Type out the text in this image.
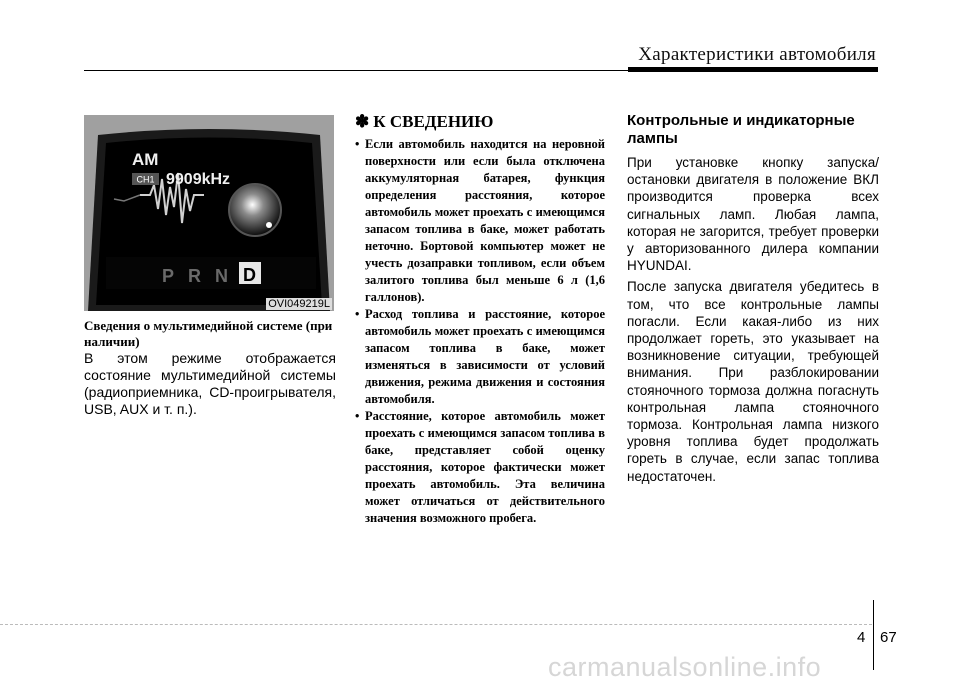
Характеристики автомобиля
CH1
AM
9909kHz
P R N D
OVI049219L
Сведения о мультимедийной системе (при наличии)
В этом режиме отображается состояние мультимедийной системы (радиоприемника, CD-проигрывателя, USB, AUX и т. п.).
✽ К СВЕДЕНИЮ
• Если автомобиль находится на неровной поверхности или если была отключена аккумуляторная батарея, функция определения расстояния, которое автомобиль может проехать с имеющимся запасом топлива в баке, может работать неточно. Бортовой компьютер может не учесть дозаправки топливом, если объем залитого топлива был меньше 6 л (1,6 галлонов).
• Расход топлива и расстояние, которое автомобиль может проехать с имеющимся запасом топлива в баке, может изменяться в зависимости от условий движения, режима движения и состояния автомобиля.
• Расстояние, которое автомобиль может проехать с имеющимся запасом топлива в баке, представляет собой оценку расстояния, которое фактически может проехать автомобиль. Эта величина может отличаться от действительного значения возможного пробега.
Контрольные и индикаторные лампы

При установке кнопку запуска/остановки двигателя в положение ВКЛ производится проверка всех сигнальных ламп. Любая лампа, которая не загорится, требует проверки у авторизованного дилера компании HYUNDAI.

После запуска двигателя убедитесь в том, что все контрольные лампы погасли. Если какая-либо из них продолжает гореть, это указывает на возникновение ситуации, требующей внимания. При разблокировании стояночного тормоза должна погаснуть контрольная лампа стояночного тормоза. Контрольная лампа низкого уровня топлива будет продолжать гореть в случае, если запас топлива недостаточен.

4 67
carmanualsonline.info
